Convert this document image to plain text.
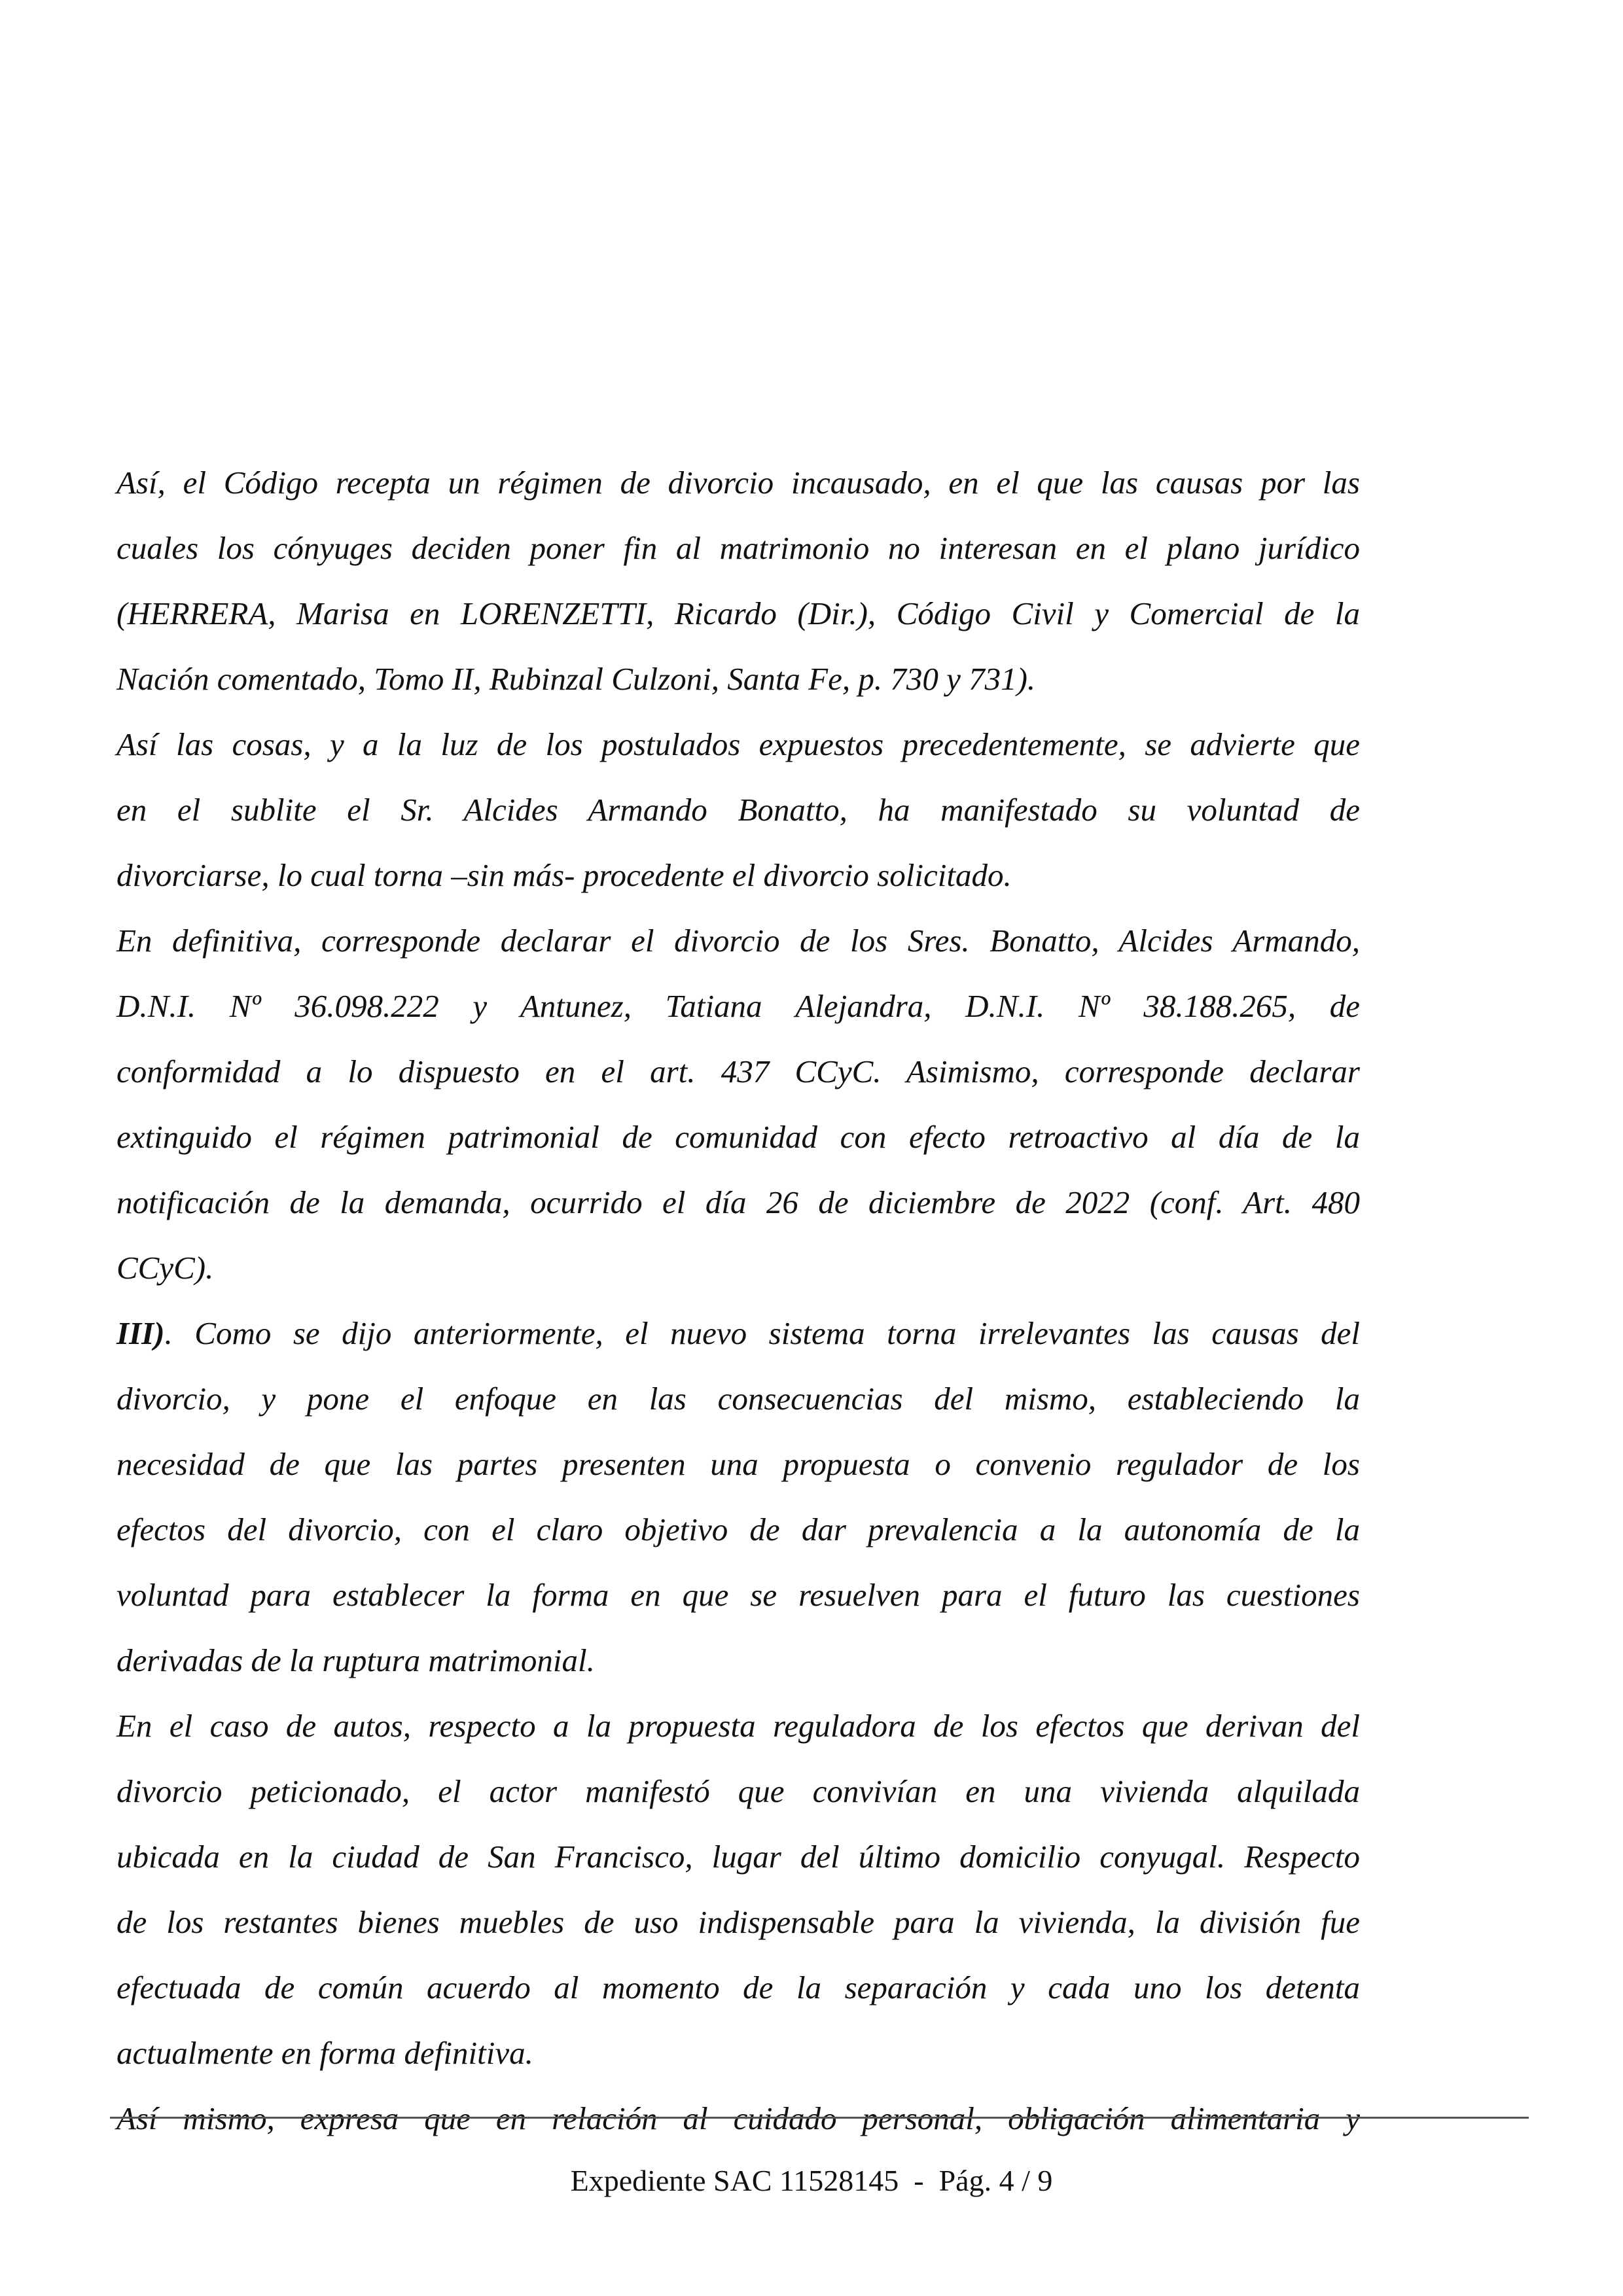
Así, el Código recepta un régimen de divorcio incausado, en el que las causas por las
cuales los cónyuges deciden poner fin al matrimonio no interesan en el plano jurídico
(HERRERA, Marisa en LORENZETTI, Ricardo (Dir.), Código Civil y Comercial de la
Nación comentado, Tomo II, Rubinzal Culzoni, Santa Fe, p. 730 y 731).
Así las cosas, y a la luz de los postulados expuestos precedentemente, se advierte que
en el sublite el Sr. Alcides Armando Bonatto, ha manifestado su voluntad de
divorciarse, lo cual torna –sin más- procedente el divorcio solicitado.
En definitiva, corresponde declarar el divorcio de los Sres. Bonatto, Alcides Armando,
D.N.I. Nº 36.098.222 y Antunez, Tatiana Alejandra, D.N.I. Nº 38.188.265, de
conformidad a lo dispuesto en el art. 437 CCyC. Asimismo, corresponde declarar
extinguido el régimen patrimonial de comunidad con efecto retroactivo al día de la
notificación de la demanda, ocurrido el día 26 de diciembre de 2022 (conf. Art. 480
CCyC).
III). Como se dijo anteriormente, el nuevo sistema torna irrelevantes las causas del
divorcio, y pone el enfoque en las consecuencias del mismo, estableciendo la
necesidad de que las partes presenten una propuesta o convenio regulador de los
efectos del divorcio, con el claro objetivo de dar prevalencia a la autonomía de la
voluntad para establecer la forma en que se resuelven para el futuro las cuestiones
derivadas de la ruptura matrimonial.
En el caso de autos, respecto a la propuesta reguladora de los efectos que derivan del
divorcio peticionado, el actor manifestó que convivían en una vivienda alquilada
ubicada en la ciudad de San Francisco, lugar del último domicilio conyugal. Respecto
de los restantes bienes muebles de uso indispensable para la vivienda, la división fue
efectuada de común acuerdo al momento de la separación y cada uno los detenta
actualmente en forma definitiva.
Así mismo, expresa que en relación al cuidado personal, obligación alimentaria y
Expediente SAC 11528145  -  Pág. 4 / 9
